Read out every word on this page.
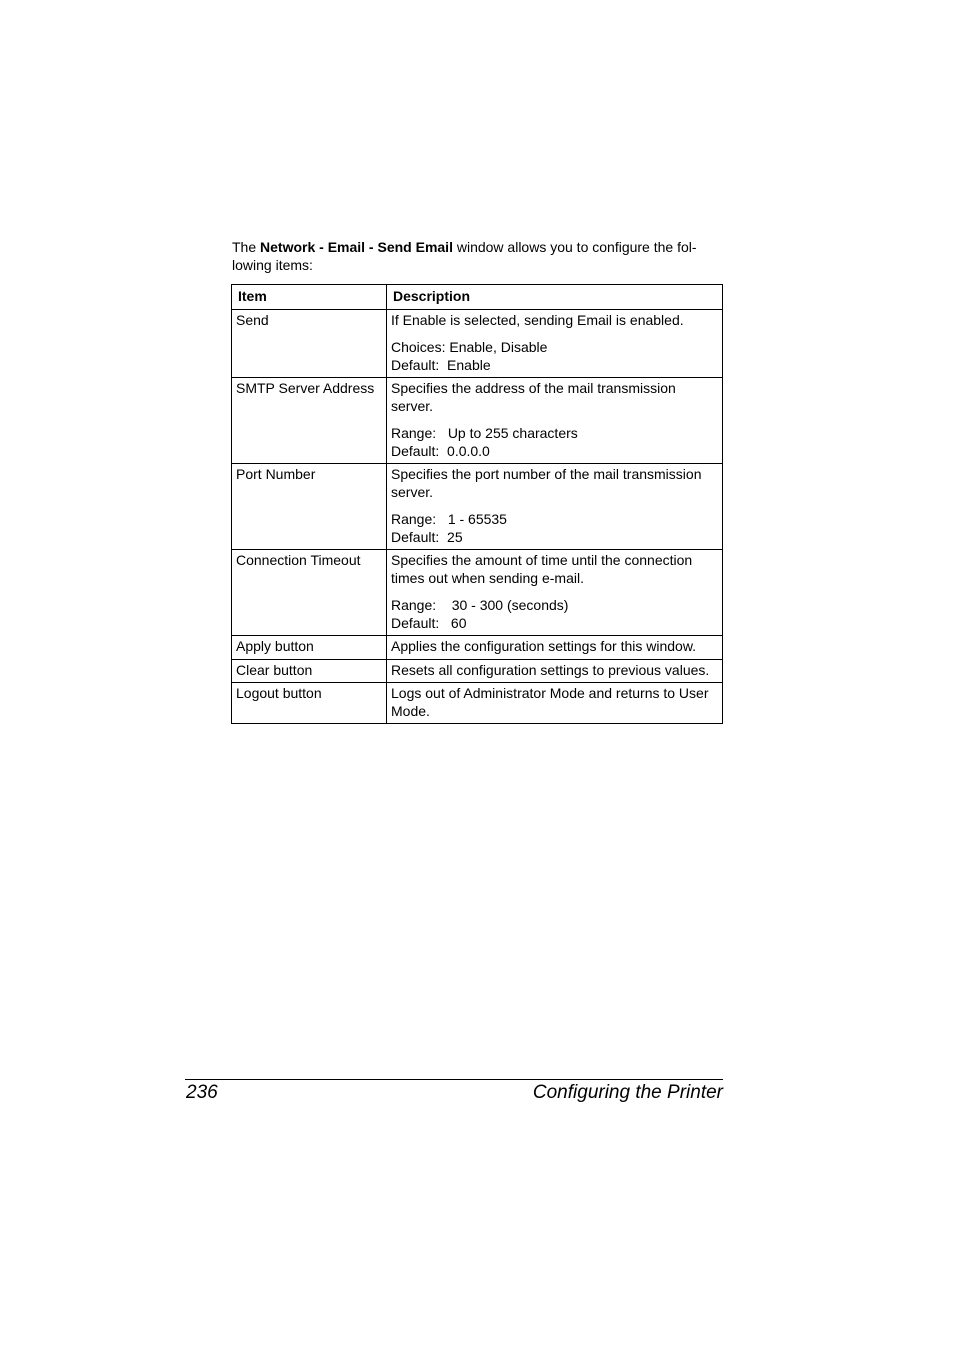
The Network - Email - Send Email window allows you to configure the fol-lowing items:

Item	Description
Send	If Enable is selected, sending Email is enabled.
Choices: Enable, Disable
Default:  Enable

SMTP Server Address	Specifies the address of the mail transmission server.
Range:   Up to 255 characters
Default:  0.0.0.0

Port Number	Specifies the port number of the mail transmission server.
Range:   1 - 65535
Default:  25

Connection Timeout	Specifies the amount of time until the connection times out when sending e-mail.
Range:    30 - 300 (seconds)
Default:   60

Apply button	Applies the configuration settings for this window.

Clear button	Resets all configuration settings to previous values.

Logout button	Logs out of Administrator Mode and returns to User Mode.
236	Configuring the Printer
